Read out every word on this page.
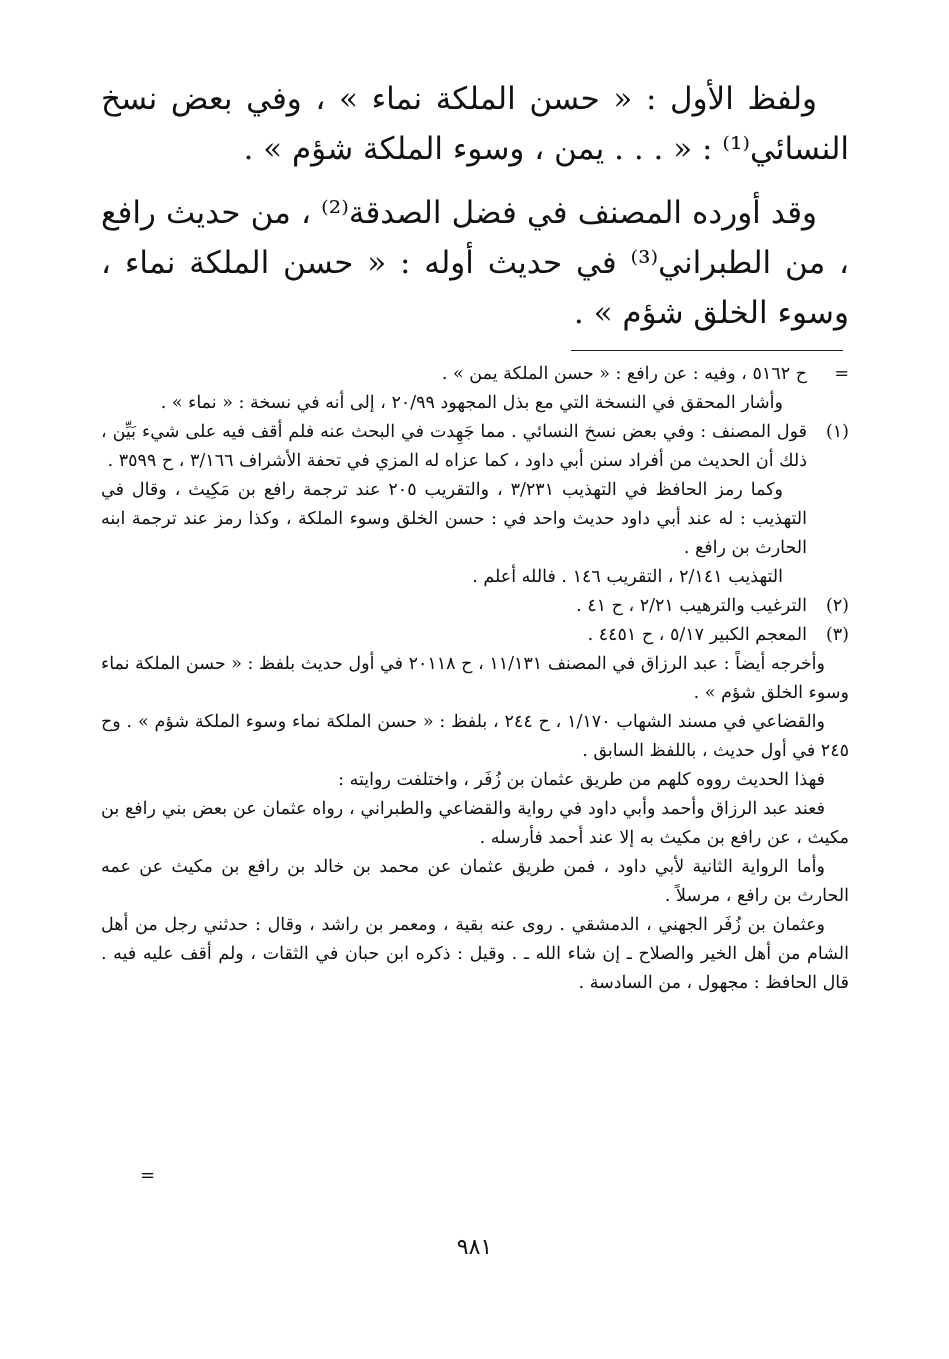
ولفظ الأول : « حسن الملكة نماء » ، وفي بعض نسخ النسائي⁽¹⁾ : « . . . يمن ، وسوء الملكة شؤم » .

وقد أورده المصنف في فضل الصدقة⁽²⁾ ، من حديث رافع ، من الطبراني⁽³⁾ في حديث أوله : « حسن الملكة نماء ، وسوء الخلق شؤم » .

=

ح ٥١٦٢ ، وفيه : عن رافع : « حسن الملكة يمن » .

وأشار المحقق في النسخة التي مع بذل المجهود ٢٠/٩٩ ، إلى أنه في نسخة : « نماء » .

(١)

قول المصنف : وفي بعض نسخ النسائي . مما جَهِدت في البحث عنه فلم أقف فيه على شيء بَيِّن ، ذلك أن الحديث من أفراد سنن أبي داود ، كما عزاه له المزي في تحفة الأشراف ٣/١٦٦ ، ح ٣٥٩٩ .

وكما رمز الحافظ في التهذيب ٣/٢٣١ ، والتقريب ٢٠٥ عند ترجمة رافع بن مَكِيث ، وقال في التهذيب : له عند أبي داود حديث واحد في : حسن الخلق وسوء الملكة ، وكذا رمز عند ترجمة ابنه الحارث بن رافع .

التهذيب ٢/١٤١ ، التقريب ١٤٦ . فالله أعلم .

(٢)

الترغيب والترهيب ٢/٢١ ، ح ٤١ .

(٣)

المعجم الكبير ٥/١٧ ، ح ٤٤٥١ .

وأخرجه أيضاً : عبد الرزاق في المصنف ١١/١٣١ ، ح ٢٠١١٨ في أول حديث بلفظ : « حسن الملكة نماء وسوء الخلق شؤم » .

والقضاعي في مسند الشهاب ١/١٧٠ ، ح ٢٤٤ ، بلفظ : « حسن الملكة نماء وسوء الملكة شؤم » . وح ٢٤٥ في أول حديث ، باللفظ السابق .

فهذا الحديث رووه كلهم من طريق عثمان بن زُفَر ، واختلفت روايته :

فعند عبد الرزاق وأحمد وأبي داود في رواية والقضاعي والطبراني ، رواه عثمان عن بعض بني رافع بن مكيث ، عن رافع بن مكيث به إلا عند أحمد فأرسله .

وأما الرواية الثانية لأبي داود ، فمن طريق عثمان عن محمد بن خالد بن رافع بن مكيث عن عمه الحارث بن رافع ، مرسلاً .

وعثمان بن زُفَر الجهني ، الدمشقي . روى عنه بقية ، ومعمر بن راشد ، وقال : حدثني رجل من أهل الشام من أهل الخير والصلاح ـ إن شاء الله ـ . وقيل : ذكره ابن حبان في الثقات ، ولم أقف عليه فيه . قال الحافظ : مجهول ، من السادسة .

=
٩٨١
